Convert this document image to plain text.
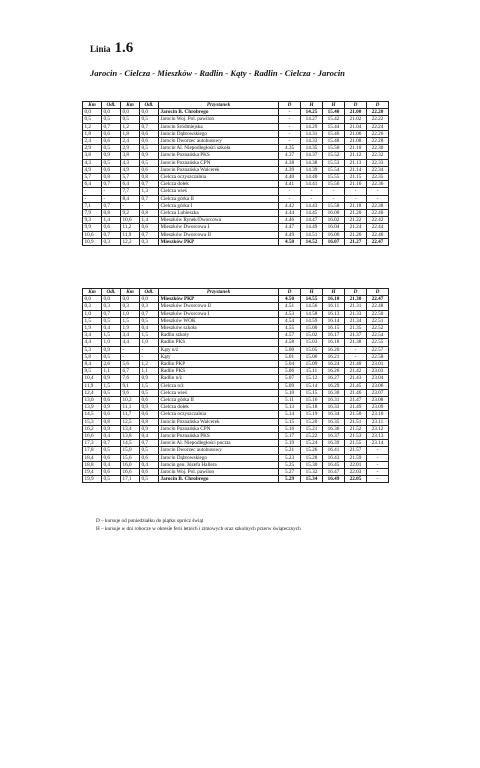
Linia 1.6
Jarocin - Cielcza - Mieszków - Radlin - Kąty - Radlin - Cielcza - Jarocin
Km	Odl.	Km	Odl.	Przystanek	D	H	H	D	D
0,0	0,0	0,0	0,0	Jarocin B. Chrobrego	-	14.25	15.40	21.00	22.20
0,5	0,5	0,5	0,5	Jarocin Woj. Pol. pawilon	-	14.27	15.42	21.02	22.22
1,2	0,7	1,2	0,7	Jarocin Śródmiejska	-	14.29	15.44	21.04	22.24
1,8	0,6	1,8	0,6	Jarocin Dąbrowskiego	-	14.31	15.46	21.06	22.26
2,4	0,6	2,4	0,6	Jarocin Dworzec autobusowy	-	14.33	15.48	21.08	22.28
2,9	0,5	2,9	0,5	Jarocin Al. Niepodległości szkoła	4.35	14.35	15.50	21.10	22.30
3,8	0,9	3,8	0,9	Jarocin Poznańska PKS	4.37	14.37	15.52	21.12	22.32
4,3	0,5	4,3	0,5	Jarocin Poznańska CPN	4.38	14.38	15.53	21.13	22.33
4,9	0,6	4,9	0,6	Jarocin Poznańska Walcerek	4.39	14.39	15.54	21.14	22.34
5,7	0,8	5,7	0,8	Cielcza oczyszczalnia	4.40	14.40	15.55	21.15	22.35
6,4	0,7	6,4	0,7	Cielcza dołek	4.41	14.41	15.56	21.16	22.36
-	-	7,7	1,3	Cielcza wieś	-	-	-	-	-
-	-	8,4	0,7	Cielcza górka II	-	-	-	-	-
7,1	0,7	-	-	Cielcza górka I	4.42	14.43	15.58	21.18	22.38
7,9	0,8	9,2	0,8	Cielcza Lubieszka	4.44	14.45	16.00	21.20	22.40
9,3	1,4	10,6	1,4	Mieszków Rynek/Dworcowa	4.46	14.47	16.02	21.22	22.42
9,9	0,6	11,2	0,6	Mieszków Dworcowa I	4.47	14.49	16.04	21.24	22.44
10,6	0,7	11,9	0,7	Mieszków Dworcowa II	4.49	14.51	16.06	21.26	22.46
10,9	0,3	12,2	0,3	Mieszków PKP	4.50	14.52	16.07	21.27	22.47
Km	Odl.	Km	Odl.	Przystanek	D	H	H	D	D
0,0	0,0	0,0	0,0	Mieszków PKP	4.50	14.55	16.10	21.30	22.47
0,3	0,3	0,3	0,3	Mieszków Dworcowa II	4.51	14.56	16.11	21.31	22.48
1,0	0,7	1,0	0,7	Mieszków Dworcowa I	4.53	14.58	16.13	21.33	22.50
1,5	0,5	1,5	0,5	Mieszków WOK	4.54	14.59	16.14	21.34	22.51
1,9	0,4	1,9	0,4	Mieszków szkoła	4.55	15.00	16.15	21.35	22.52
3,4	1,5	3,4	1,5	Radlin szkoły	4.57	15.02	16.17	21.37	22.54
4,4	1,0	4,4	1,0	Radlin PKS	4.58	15.03	16.18	21.38	22.55
5,3	0,9	-	-	Kąty n/ż	5.00	15.05	16.20	-	22.57
5,8	0,5	-	-	Kąty	5.01	15.06	16.21	-	22.58
8,4	2,6	5,6	1,2	Radlin PKP	5.04	15.09	16.24	21.40	23.01
9,5	1,1	6,7	1,1	Radlin PKS	5.06	15.11	16.26	21.42	23.03
10,4	0,9	7,6	0,9	Radlin n/ż	5.07	15.12	16.27	21.43	23.04
11,9	1,5	9,1	1,5	Cielcza n/ż	5.09	15.14	16.29	21.45	23.06
12,4	0,5	9,6	0,5	Cielcza wieś	5.10	15.15	16.30	21.46	23.07
13,0	0,6	10,2	0,6	Cielcza górka II	5.11	15.16	16.31	21.47	23.08
13,9	0,9	11,1	0,9	Cielcza dołek	5.13	15.18	16.33	21.49	23.09
14,5	0,6	11,7	0,6	Cielcza oczyszczalnia	5.14	15.19	16.34	21.50	23.10
15,3	0,8	12,5	0,8	Jarocin Poznańska Walcerek	5.15	15.20	16.35	21.51	23.11
16,2	0,9	13,4	0,9	Jarocin Poznańska CPN	5.16	15.21	16.36	21.52	23.12
16,6	0,4	13,8	0,4	Jarocin Poznańska PKS	5.17	15.22	16.37	21.53	23.13
17,3	0,7	14,5	0,7	Jarocin Al. Niepodległości poczta	5.19	15.24	16.39	21.55	23.14
17,8	0,5	15,0	0,5	Jarocin Dworzec autobusowy	5.21	15.26	16.41	21.57	-
18,4	0,6	15,6	0,6	Jarocin Dąbrowskiego	5.23	15.28	16.43	21.59	-
18,8	0,4	16,0	0,4	Jarocin gen. Józefa Hallera	5.25	15.30	16.45	22.01	-
19,4	0,6	16,6	0,6	Jarocin Woj. Pol. pawilon	5.27	15.32	16.47	22.03	-
19,9	0,5	17,1	0,5	Jarocin B. Chrobrego	5.29	15.34	16.49	22.05	-
D – kursuje od poniedziałku do piątku oprócz świąt
H – kursuje w dni robocze w okresie ferii letnich i zimowych oraz szkolnych przerw świątecznych
